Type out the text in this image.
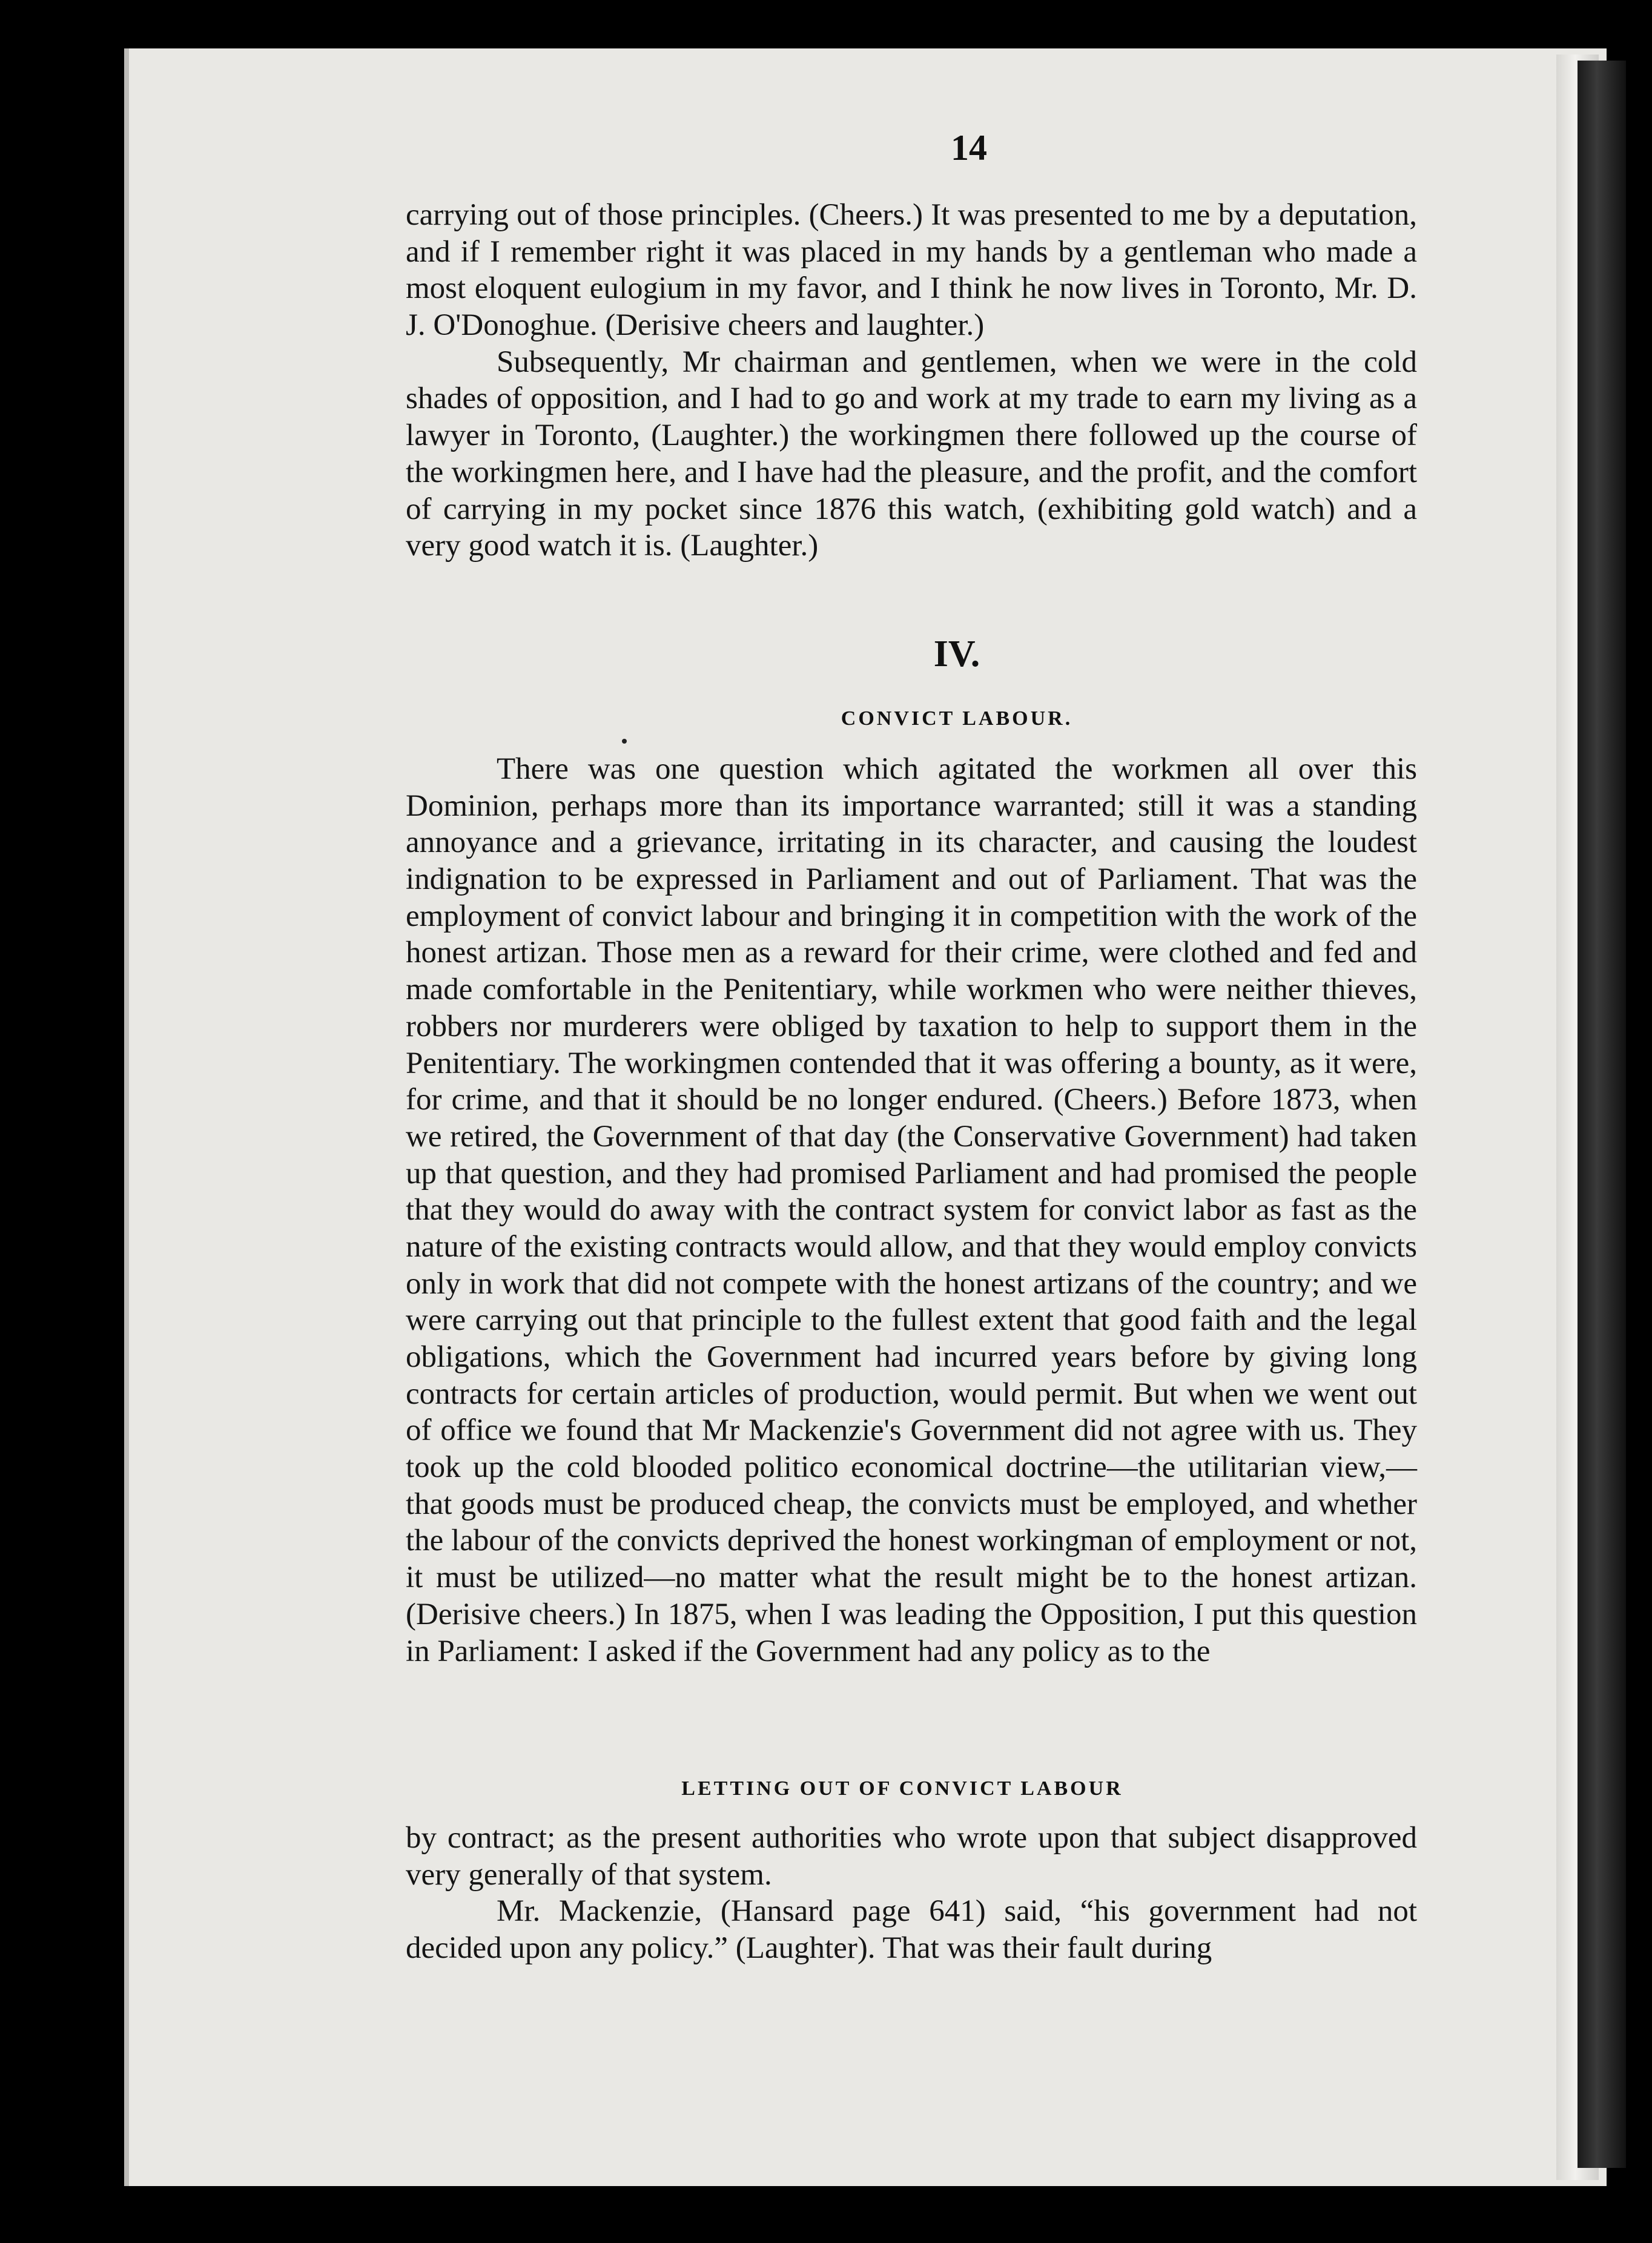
14

carrying out of those principles. (Cheers.) It was presented to me by a deputation, and if I remember right it was placed in my hands by a gentleman who made a most eloquent eulogium in my favor, and I think he now lives in Toronto, Mr. D. J. O'Donoghue. (Derisive cheers and laughter.)

Subsequently, Mr chairman and gentlemen, when we were in the cold shades of opposition, and I had to go and work at my trade to earn my living as a lawyer in Toronto, (Laughter.) the workingmen there followed up the course of the workingmen here, and I have had the pleasure, and the profit, and the comfort of carrying in my pocket since 1876 this watch, (exhibiting gold watch) and a very good watch it is. (Laughter.)

IV.
CONVICT LABOUR.

There was one question which agitated the workmen all over this Dominion, perhaps more than its importance warranted; still it was a standing annoyance and a grievance, irritating in its character, and causing the loudest indignation to be expressed in Parliament and out of Parliament. That was the employment of convict labour and bringing it in competition with the work of the honest artizan. Those men as a reward for their crime, were clothed and fed and made comfortable in the Penitentiary, while workmen who were neither thieves, robbers nor murderers were obliged by taxation to help to support them in the Penitentiary. The workingmen contended that it was offering a bounty, as it were, for crime, and that it should be no longer endured. (Cheers.) Before 1873, when we retired, the Government of that day (the Conservative Government) had taken up that question, and they had promised Parliament and had promised the people that they would do away with the contract system for convict labor as fast as the nature of the existing contracts would allow, and that they would employ convicts only in work that did not compete with the honest artizans of the country; and we were carrying out that principle to the fullest extent that good faith and the legal obligations, which the Government had incurred years before by giving long contracts for certain articles of production, would permit. But when we went out of office we found that Mr Mackenzie's Government did not agree with us. They took up the cold blooded politico economical doctrine—the utilitarian view,—that goods must be produced cheap, the convicts must be employed, and whether the labour of the convicts deprived the honest workingman of employment or not, it must be utilized—no matter what the result might be to the honest artizan. (Derisive cheers.) In 1875, when I was leading the Opposition, I put this question in Parliament: I asked if the Government had any policy as to the

LETTING OUT OF CONVICT LABOUR

by contract; as the present authorities who wrote upon that subject disapproved very generally of that system.

Mr. Mackenzie, (Hansard page 641) said, “his government had not decided upon any policy.” (Laughter). That was their fault during
